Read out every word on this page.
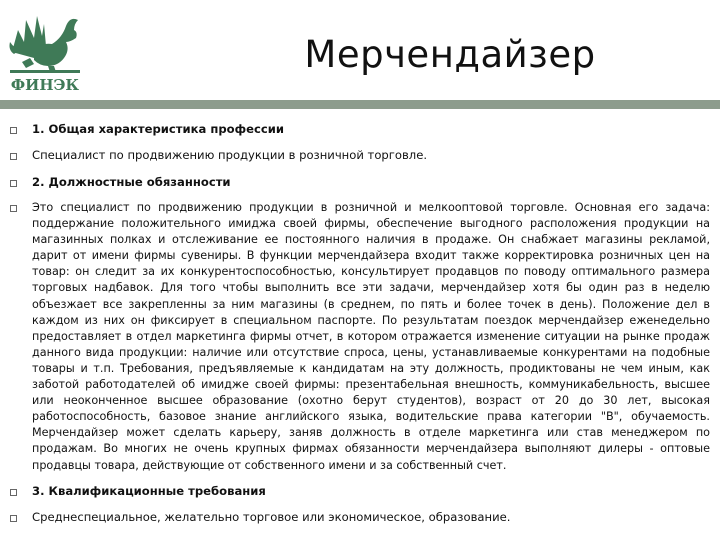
ФИНЭК
Мерчендайзер
1. Общая характеристика профессии
Специалист по продвижению продукции в розничной торговле.
2. Должностные обязанности
Это специалист по продвижению продукции в розничной и мелкооптовой торговле. Основная его задача: поддержание положительного имиджа своей фирмы, обеспечение выгодного расположения продукции на магазинных полках и отслеживание ее постоянного наличия в продаже. Он снабжает магазины рекламой, дарит от имени фирмы сувениры. В функции мерчендайзера входит также корректировка розничных цен на товар: он следит за их конкурентоспособностью, консультирует продавцов по поводу оптимального размера торговых надбавок. Для того чтобы выполнить все эти задачи, мерчендайзер хотя бы один раз в неделю объезжает все закрепленны за ним магазины (в среднем, по пять и более точек в день). Положение дел в каждом из них он фиксирует в специальном паспорте. По результатам поездок мерчендайзер еженедельно предоставляет в отдел маркетинга фирмы отчет, в котором отражается изменение ситуации на рынке продаж данного вида продукции: наличие или отсутствие спроса, цены, устанавливаемые конкурентами на подобные товары и т.п. Требования, предъявляемые к кандидатам на эту должность, продиктованы не чем иным, как заботой работодателей об имидже своей фирмы: презентабельная внешность, коммуникабельность, высшее или неоконченное высшее образование (охотно берут студентов), возраст от 20 до 30 лет, высокая работоспособность, базовое знание английского языка, водительские права категории "В", обучаемость. Мерчендайзер может сделать карьеру, заняв должность в отделе маркетинга или став менеджером по продажам. Во многих не очень крупных фирмах обязанности мерчендайзера выполняют дилеры - оптовые продавцы товара, действующие от собственного имени и за собственный счет.
3. Квалификационные требования
Среднеспециальное, желательно торговое или экономическое, образование.
